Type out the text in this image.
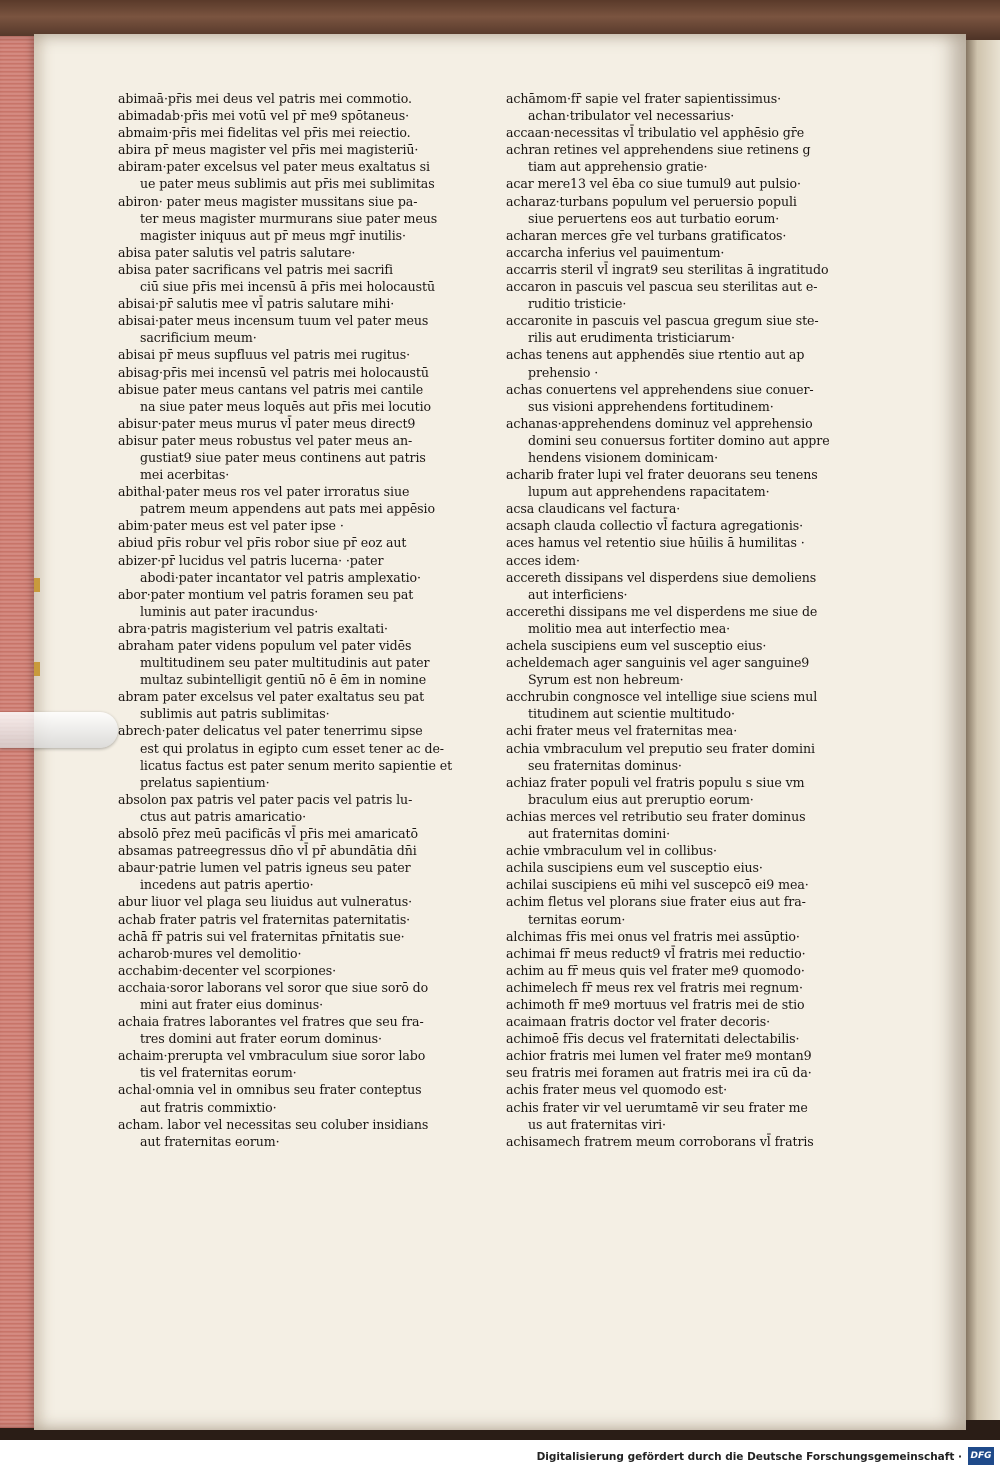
abimaā·pr̄is mei deus vel patris mei commotio.
abimadab·pr̄is mei votū vel pr̄ me9 spōtaneus·
abmaim·pr̄is mei fidelitas vel pr̄is mei reiectio.
abira pr̄ meus magister vel pr̄is mei magisteriū·
abiram·pater excelsus vel pater meus exaltatus si
ue pater meus sublimis aut pr̄is mei sublimitas
abiron· pater meus magister mussitans siue pa-
ter meus magister murmurans siue pater meus
magister iniquus aut pr̄ meus mgr̄ inutilis·
abisa pater salutis vel patris salutare·
abisa pater sacrificans vel patris mei sacrifi
ciū siue pr̄is mei incensū ā pr̄is mei holocaustū
abisai·pr̄ salutis mee vl̄ patris salutare mihi·
abisai·pater meus incensum tuum vel pater meus
sacrificium meum·
abisai pr̄ meus supfluus vel patris mei rugitus·
abisag·pr̄is mei incensū vel patris mei holocaustū
abisue pater meus cantans vel patris mei cantile
na siue pater meus loquēs aut pr̄is mei locutio
abisur·pater meus murus vl̄ pater meus direct9
abisur pater meus robustus vel pater meus an-
gustiat9 siue pater meus continens aut patris
mei acerbitas·
abithal·pater meus ros vel pater irroratus siue
patrem meum appendens aut pats mei appēsio
abim·pater meus est vel pater ipse ·
abiud pr̄is robur vel pr̄is robor siue pr̄ eoz aut
abizer·pr̄ lucidus vel patris lucerna· ·pater
abodi·pater incantator vel patris amplexatio·
abor·pater montium vel patris foramen seu pat
luminis aut pater iracundus·
abra·patris magisterium vel patris exaltati·
abraham pater videns populum vel pater vidēs
multitudinem seu pater multitudinis aut pater
multaz subintelligit gentiū nō ē ēm in nomine
abram pater excelsus vel pater exaltatus seu pat
sublimis aut patris sublimitas·
abrech·pater delicatus vel pater tenerrimu sipse
est qui prolatus in egipto cum esset tener ac de-
licatus factus est pater senum merito sapientie et
prelatus sapientium·
absolon pax patris vel pater pacis vel patris lu-
ctus aut patris amaricatio·
absolō pr̄ez meū pacificās vl̄ pr̄is mei amaricatō
absamas patreegressus dn̄o vl̄ pr̄ abundātia dn̄i
abaur·patrie lumen vel patris igneus seu pater
incedens aut patris apertio·
abur liuor vel plaga seu liuidus aut vulneratus·
achab frater patris vel fraternitas paternitatis·
achā fr̄ patris sui vel fraternitas pr̄nitatis sue·
acharob·mures vel demolitio·
acchabim·decenter vel scorpiones·
acchaia·soror laborans vel soror que siue sorō do
mini aut frater eius dominus·
achaia fratres laborantes vel fratres que seu fra-
tres domini aut frater eorum dominus·
achaim·prerupta vel vmbraculum siue soror labo
tis vel fraternitas eorum·
achal·omnia vel in omnibus seu frater conteptus
aut fratris commixtio·
acham. labor vel necessitas seu coluber insidians
aut fraternitas eorum·
achāmom·fr̄ sapie vel frater sapientissimus·
achan·tribulator vel necessarius·
accaan·necessitas vl̄ tribulatio vel apphēsio gr̄e
achran retines vel apprehendens siue retinens g
tiam aut apprehensio gratie·
acar mere13 vel ēba co siue tumul9 aut pulsio·
acharaz·turbans populum vel peruersio populi
siue peruertens eos aut turbatio eorum·
acharan merces gr̄e vel turbans gratificatos·
accarcha inferius vel pauimentum·
accarris steril vl̄ ingrat9 seu sterilitas ā ingratitudo
accaron in pascuis vel pascua seu sterilitas aut e-
ruditio tristicie·
accaronite in pascuis vel pascua gregum siue ste-
rilis aut erudimenta tristiciarum·
achas tenens aut apphendēs siue rtentio aut ap
prehensio ·
achas conuertens vel apprehendens siue conuer-
sus visioni apprehendens fortitudinem·
achanas·apprehendens dominuz vel apprehensio
domini seu conuersus fortiter domino aut appre
hendens visionem dominicam·
acharib frater lupi vel frater deuorans seu tenens
lupum aut apprehendens rapacitatem·
acsa claudicans vel factura·
acsaph clauda collectio vl̄ factura agregationis·
aces hamus vel retentio siue hūilis ā humilitas ·
acces idem·
accereth dissipans vel disperdens siue demoliens
aut interficiens·
accerethi dissipans me vel disperdens me siue de
molitio mea aut interfectio mea·
achela suscipiens eum vel susceptio eius·
acheldemach ager sanguinis vel ager sanguine9
Syrum est non hebreum·
acchrubin congnosce vel intellige siue sciens mul
titudinem aut scientie multitudo·
achi frater meus vel fraternitas mea·
achia vmbraculum vel preputio seu frater domini
seu fraternitas dominus·
achiaz frater populi vel fratris populu s siue vm
braculum eius aut preruptio eorum·
achias merces vel retributio seu frater dominus
aut fraternitas domini·
achie vmbraculum vel in collibus·
achila suscipiens eum vel susceptio eius·
achilai suscipiens eū mihi vel suscepcō ei9 mea·
achim fletus vel plorans siue frater eius aut fra-
ternitas eorum·
alchimas fr̄is mei onus vel fratris mei assūptio·
achimai fr̄ meus reduct9 vl̄ fratris mei reductio·
achim au fr̄ meus quis vel frater me9 quomodo·
achimelech fr̄ meus rex vel fratris mei regnum·
achimoth fr̄ me9 mortuus vel fratris mei de stio
acaimaan fratris doctor vel frater decoris·
achimoē fr̄is decus vel fraternitati delectabilis·
achior fratris mei lumen vel frater me9 montan9
seu fratris mei foramen aut fratris mei ira cū da·
achis frater meus vel quomodo est·
achis frater vir vel uerumtamē vir seu frater me
us aut fraternitas viri·
achisamech fratrem meum corroborans vl̄ fratris
Digitalisierung gefördert durch die Deutsche Forschungsgemeinschaft · DFG
